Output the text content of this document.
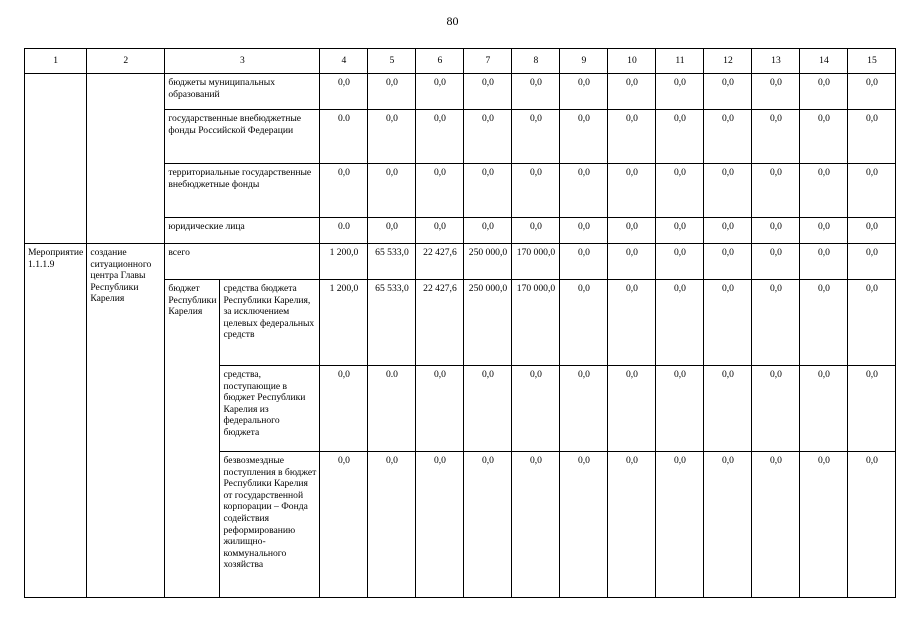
80
1	2	3		4	5	6	7	8	9	10	11	12	13	14	15
		бюджеты муниципальных образований		0,0	0,0	0,0	0,0	0,0	0,0	0,0	0,0	0,0	0,0	0,0	0,0
		государственные внебюджетные фонды Российской Федерации		0.0	0,0	0,0	0,0	0,0	0,0	0,0	0,0	0,0	0,0	0,0	0,0
		территориальные государственные внебюджетные фонды		0,0	0,0	0,0	0,0	0,0	0,0	0,0	0,0	0,0	0,0	0,0	0,0
		юридические лица		0.0	0,0	0,0	0,0	0,0	0,0	0,0	0,0	0,0	0,0	0,0	0,0
Мероприятие 1.1.1.9	создание ситуационного центра Главы Республики Карелия	всего		1 200,0	65 533,0	22 427,6	250 000,0	170 000,0	0,0	0,0	0,0	0,0	0,0	0,0	0,0
		бюджет Республики Карелия	средства бюджета Республики Карелия, за исключением целевых федеральных средств	1 200,0	65 533,0	22 427,6	250 000,0	170 000,0	0,0	0,0	0,0	0,0	0,0	0,0	0,0
			средства, поступающие в бюджет Республики Карелия из федерального бюджета	0,0	0.0	0,0	0,0	0,0	0,0	0,0	0,0	0,0	0,0	0,0	0,0
			безвозмездные поступления в бюджет Республики Карелия от государственной корпорации – Фонда содействия реформированию жилищно-коммунального хозяйства	0,0	0,0	0,0	0,0	0,0	0,0	0,0	0,0	0,0	0,0	0,0	0,0
